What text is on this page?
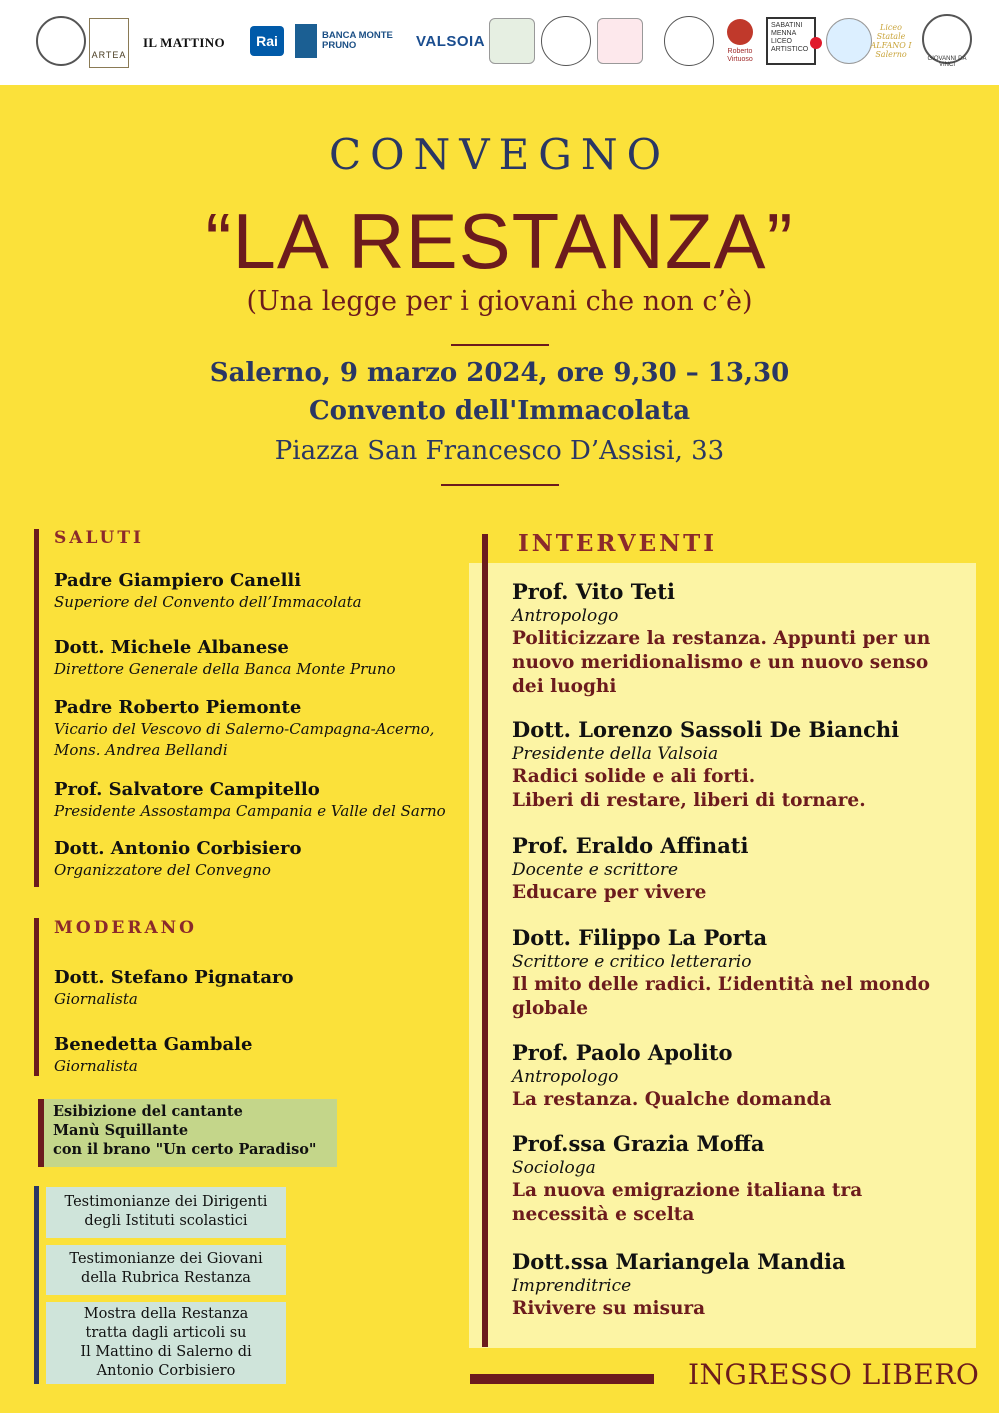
ARTEA
IL MATTINO Rai	BANCA MONTE PRUNO	VALSOIA
Roberto Virtuoso
SABATINI MENNA LICEO ARTISTICO
Liceo Statale ALFANO I Salerno	GIOVANNI DA VINCI
CONVEGNO
“LA RESTANZA”
(Una legge per i giovani che non c’è)
Salerno, 9 marzo 2024, ore 9,30 – 13,30
Convento dell'Immacolata
Piazza San Francesco D’Assisi, 33
SALUTI
Padre Giampiero Canelli
Superiore del Convento dell’Immacolata
Dott. Michele Albanese
Direttore Generale della Banca Monte Pruno
Padre Roberto Piemonte
Vicario del Vescovo di Salerno-Campagna-Acerno,
Mons. Andrea Bellandi
Prof. Salvatore Campitello
Presidente Assostampa Campania e Valle del Sarno
Dott. Antonio Corbisiero
Organizzatore del Convegno
MODERANO
Dott. Stefano Pignataro
Giornalista
Benedetta Gambale
Giornalista
Esibizione del cantante
Manù Squillante
con il brano "Un certo Paradiso"
Testimonianze dei Dirigenti
degli Istituti scolastici
Testimonianze dei Giovani
della Rubrica Restanza
Mostra della Restanza
tratta dagli articoli su
Il Mattino di Salerno di
Antonio Corbisiero
INTERVENTI
Prof. Vito Teti
Antropologo
Politicizzare la restanza. Appunti per un
nuovo meridionalismo e un nuovo senso
dei luoghi
Dott. Lorenzo Sassoli De Bianchi
Presidente della Valsoia
Radici solide e ali forti.
Liberi di restare, liberi di tornare.
Prof. Eraldo Affinati
Docente e scrittore
Educare per vivere
Dott. Filippo La Porta
Scrittore e critico letterario
Il mito delle radici. L’identità nel mondo
globale
Prof. Paolo Apolito
Antropologo
La restanza. Qualche domanda
Prof.ssa Grazia Moffa
Sociologa
La nuova emigrazione italiana tra
necessità e scelta
Dott.ssa Mariangela Mandia
Imprenditrice
Rivivere su misura
INGRESSO LIBERO
